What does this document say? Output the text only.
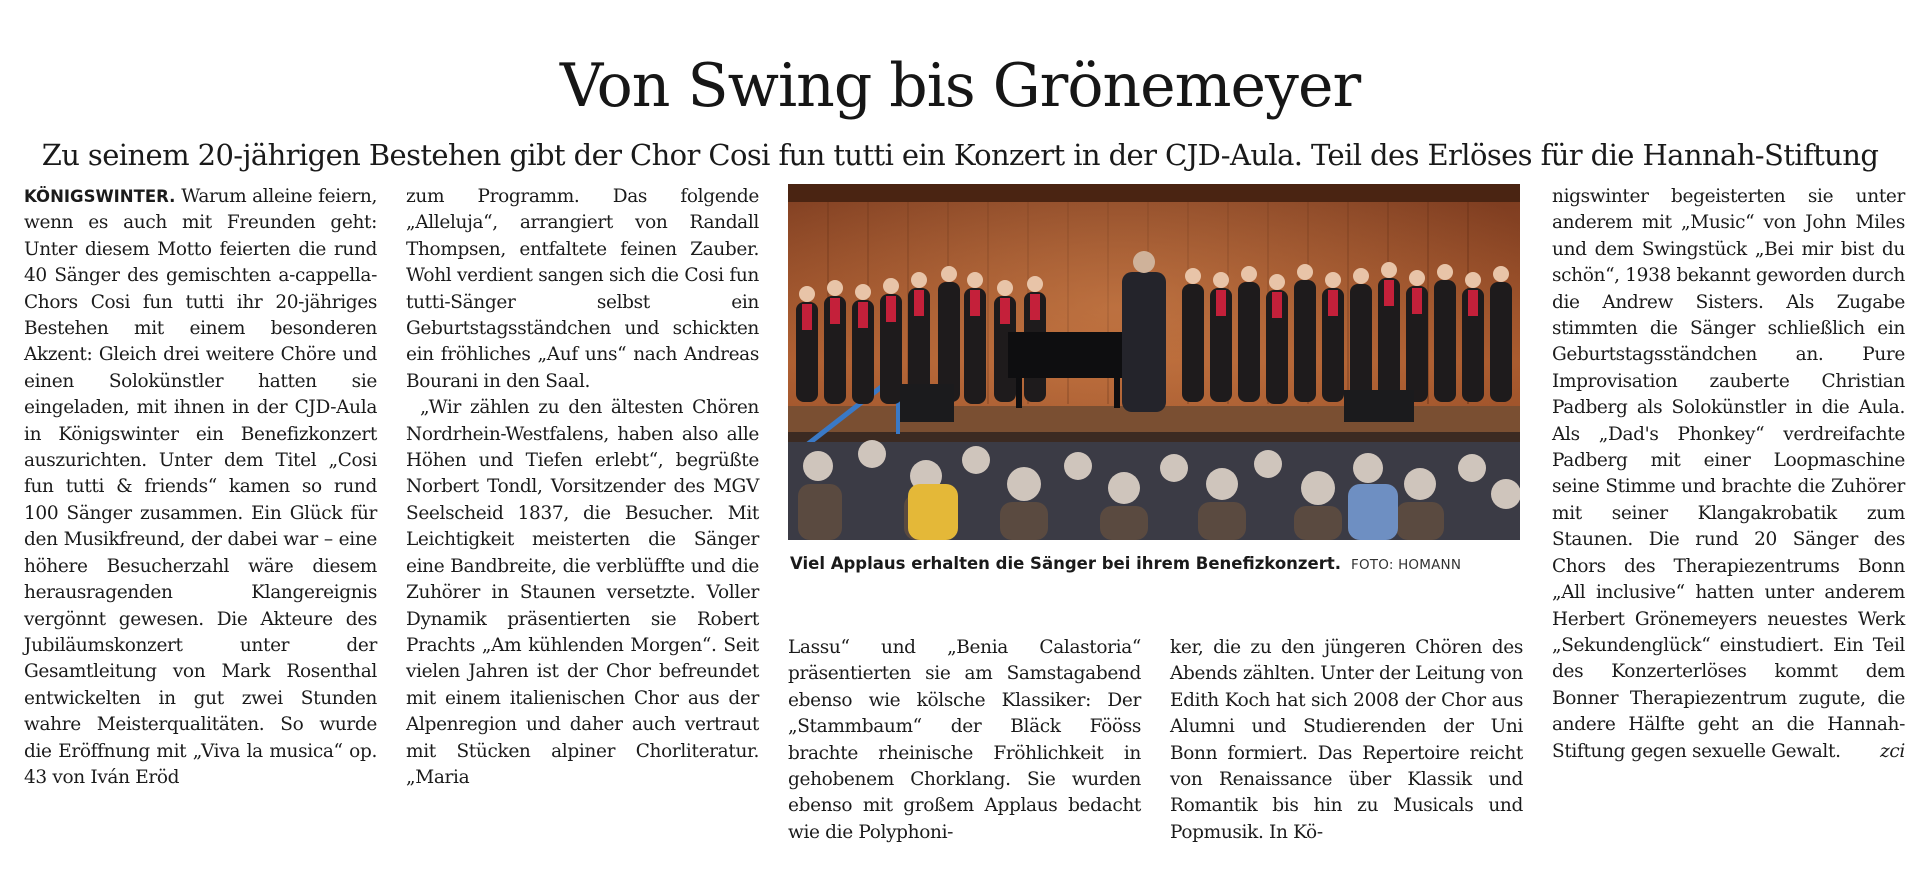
Von Swing bis Grönemeyer
Zu seinem 20-jährigen Bestehen gibt der Chor Cosi fun tutti ein Konzert in der CJD-Aula. Teil des Erlöses für die Hannah-Stiftung

KÖNIGSWINTER. Warum alleine feiern, wenn es auch mit Freunden geht: Unter diesem Motto feierten die rund 40 Sänger des gemischten a-cappella-Chors Cosi fun tutti ihr 20-jähriges Bestehen mit einem besonderen Akzent: Gleich drei weitere Chöre und einen Solokünstler hatten sie eingeladen, mit ihnen in der CJD-Aula in Königswinter ein Benefizkonzert auszurichten. Unter dem Titel „Cosi fun tutti & friends“ kamen so rund 100 Sänger zusammen. Ein Glück für den Musikfreund, der dabei war – eine höhere Besucherzahl wäre diesem herausragenden Klangereignis vergönnt gewesen. Die Akteure des Jubiläumskonzert unter der Gesamtleitung von Mark Rosenthal entwickelten in gut zwei Stunden wahre Meisterqualitäten. So wurde die Eröffnung mit „Viva la musica“ op. 43 von Iván Eröd

zum Programm. Das folgende „Alleluja“, arrangiert von Randall Thompsen, entfaltete feinen Zauber. Wohl verdient sangen sich die Cosi fun tutti-Sänger selbst ein Geburtstagsständchen und schickten ein fröhliches „Auf uns“ nach Andreas Bourani in den Saal.

„Wir zählen zu den ältesten Chören Nordrhein-Westfalens, haben also alle Höhen und Tiefen erlebt“, begrüßte Norbert Tondl, Vorsitzender des MGV Seelscheid 1837, die Besucher. Mit Leichtigkeit meisterten die Sänger eine Bandbreite, die verblüffte und die Zuhörer in Staunen versetzte. Voller Dynamik präsentierten sie Robert Prachts „Am kühlenden Morgen“. Seit vielen Jahren ist der Chor befreundet mit einem italienischen Chor aus der Alpenregion und daher auch vertraut mit Stücken alpiner Chorliteratur. „Maria

Viel Applaus erhalten die Sänger bei ihrem Benefizkonzert. FOTO: HOMANN

Lassu“ und „Benia Calastoria“ präsentierten sie am Samstagabend ebenso wie kölsche Klassiker: Der „Stammbaum“ der Bläck Fööss brachte rheinische Fröhlichkeit in gehobenem Chorklang. Sie wurden ebenso mit großem Applaus bedacht wie die Polyphoni-

ker, die zu den jüngeren Chören des Abends zählten. Unter der Leitung von Edith Koch hat sich 2008 der Chor aus Alumni und Studierenden der Uni Bonn formiert. Das Repertoire reicht von Renaissance über Klassik und Romantik bis hin zu Musicals und Popmusik. In Kö-

nigswinter begeisterten sie unter anderem mit „Music“ von John Miles und dem Swingstück „Bei mir bist du schön“, 1938 bekannt geworden durch die Andrew Sisters. Als Zugabe stimmten die Sänger schließlich ein Geburtstagsständchen an. Pure Improvisation zauberte Christian Padberg als Solokünstler in die Aula. Als „Dad's Phonkey“ verdreifachte Padberg mit einer Loopmaschine seine Stimme und brachte die Zuhörer mit seiner Klangakrobatik zum Staunen. Die rund 20 Sänger des Chors des Therapiezentrums Bonn „All inclusive“ hatten unter anderem Herbert Grönemeyers neuestes Werk „Sekundenglück“ einstudiert. Ein Teil des Konzerterlöses kommt dem Bonner Therapiezentrum zugute, die andere Hälfte geht an die Hannah-Stiftung gegen sexuelle Gewalt. zci
